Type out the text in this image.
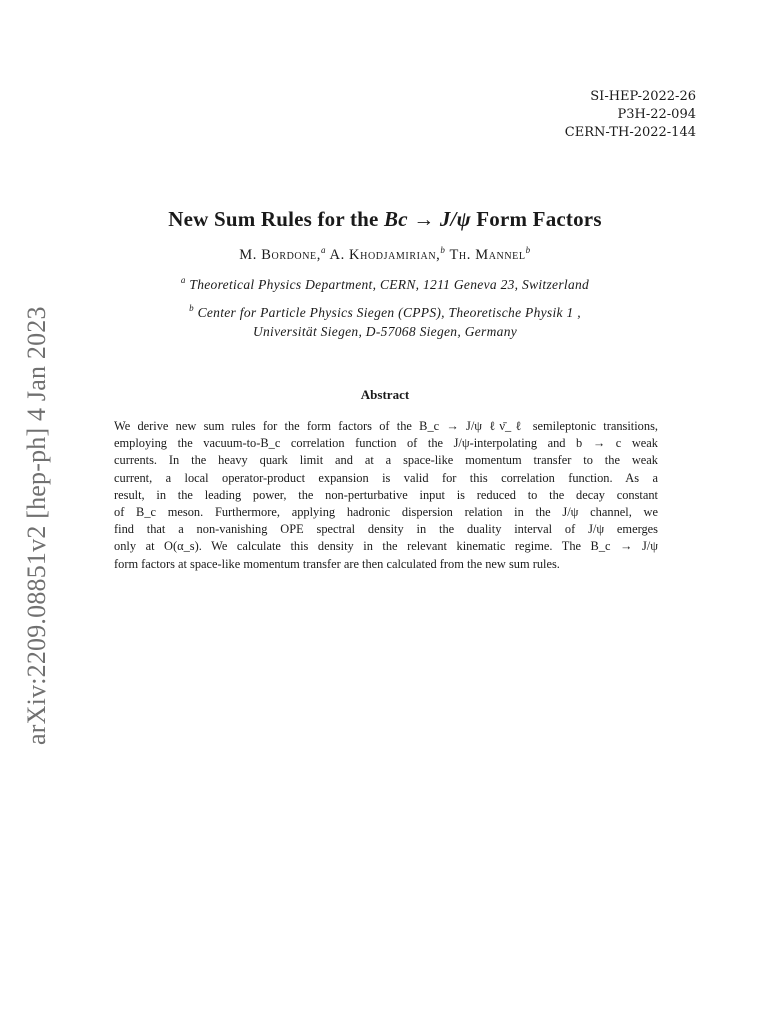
SI-HEP-2022-26
P3H-22-094
CERN-TH-2022-144
arXiv:2209.08851v2 [hep-ph] 4 Jan 2023
New Sum Rules for the Bc → J/ψ Form Factors
M. Bordone,$^a$ A. Khodjamirian,$^b$ Th. Mannel$^b$
$^a$ Theoretical Physics Department, CERN, 1211 Geneva 23, Switzerland
$^b$ Center for Particle Physics Siegen (CPPS), Theoretische Physik 1 ,
Universität Siegen, D-57068 Siegen, Germany
Abstract
We derive new sum rules for the form factors of the B_c → J/ψ ℓν̄_ℓ semileptonic transitions,
employing the vacuum-to-B_c correlation function of the J/ψ-interpolating and b → c weak
currents. In the heavy quark limit and at a space-like momentum transfer to the weak
current, a local operator-product expansion is valid for this correlation function. As a
result, in the leading power, the non-perturbative input is reduced to the decay constant
of B_c meson. Furthermore, applying hadronic dispersion relation in the J/ψ channel, we
find that a non-vanishing OPE spectral density in the duality interval of J/ψ emerges
only at O(α_s). We calculate this density in the relevant kinematic regime. The B_c → J/ψ
form factors at space-like momentum transfer are then calculated from the new sum rules.
